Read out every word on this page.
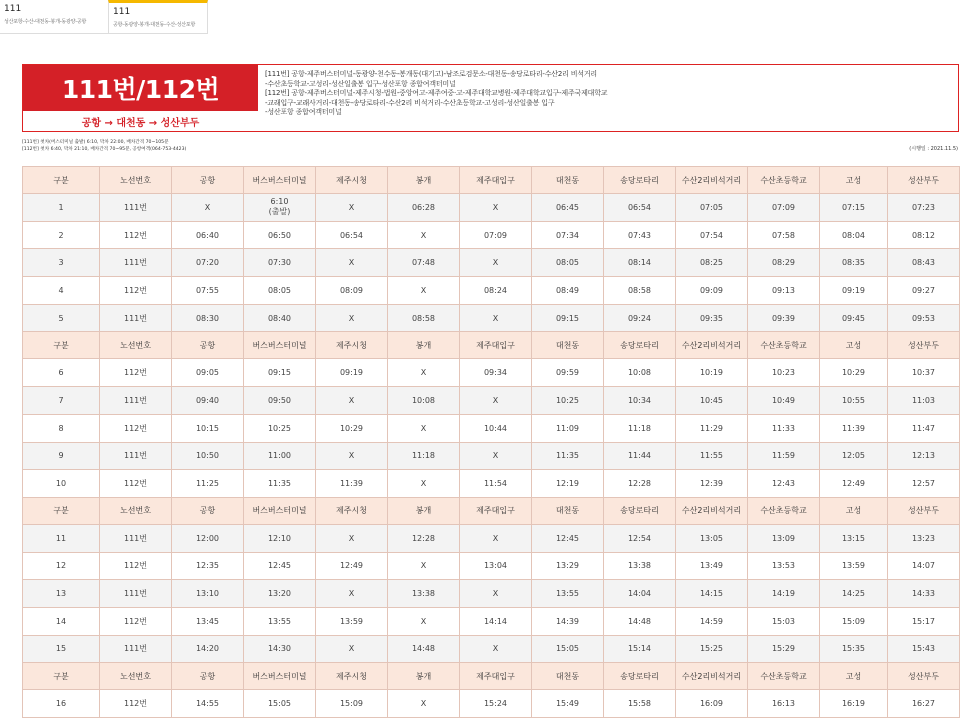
111
성산포항-수산-대천동-봉개-동광양-공항
111
공항-동광양-봉개-대천동-수산-성산포항
111번/112번
공항 → 대천동 → 성산부두
[111번] 공항-제주버스터미널-동광양-천수동-봉개동(대기고)-남조로검문소-대천동-송당로타리-수산2리 비석거리
-수산초등학교-고성리-성산일출봉 입구-성산포항 종합여객터미널
[112번] 공항-제주버스터미널-제주시청-법원-중앙여고-제주여중·고-제주대학교병원-제주대학교입구-제주국제대학교
-교래입구-교래사거리-대천동-송당로타리-수산2리 비석거리-수산초등학교-고성리-성산일출봉 입구
-성산포항 종합여객터미널
[111번] 첫차(버스터미널 출발) 6:10, 막차 22:00, 배차간격 70~105분
[112번] 첫차 6:40, 막차 21:10, 배차간격 70~95분, 공항여객(064-753-4423)	(시행일 : 2021.11.5)
구분	노선번호	공항	버스버스터미널	제주시청	봉개	제주대입구	대천동	송당로타리	수산2리비석거리	수산초등학교	고성	성산부두
1	111번	X	6:10
(출발)	X	06:28	X	06:45	06:54	07:05	07:09	07:15	07:23
2	112번	06:40	06:50	06:54	X	07:09	07:34	07:43	07:54	07:58	08:04	08:12
3	111번	07:20	07:30	X	07:48	X	08:05	08:14	08:25	08:29	08:35	08:43
4	112번	07:55	08:05	08:09	X	08:24	08:49	08:58	09:09	09:13	09:19	09:27
5	111번	08:30	08:40	X	08:58	X	09:15	09:24	09:35	09:39	09:45	09:53
구분	노선번호	공항	버스버스터미널	제주시청	봉개	제주대입구	대천동	송당로타리	수산2리비석거리	수산초등학교	고성	성산부두
6	112번	09:05	09:15	09:19	X	09:34	09:59	10:08	10:19	10:23	10:29	10:37
7	111번	09:40	09:50	X	10:08	X	10:25	10:34	10:45	10:49	10:55	11:03
8	112번	10:15	10:25	10:29	X	10:44	11:09	11:18	11:29	11:33	11:39	11:47
9	111번	10:50	11:00	X	11:18	X	11:35	11:44	11:55	11:59	12:05	12:13
10	112번	11:25	11:35	11:39	X	11:54	12:19	12:28	12:39	12:43	12:49	12:57
구분	노선번호	공항	버스버스터미널	제주시청	봉개	제주대입구	대천동	송당로타리	수산2리비석거리	수산초등학교	고성	성산부두
11	111번	12:00	12:10	X	12:28	X	12:45	12:54	13:05	13:09	13:15	13:23
12	112번	12:35	12:45	12:49	X	13:04	13:29	13:38	13:49	13:53	13:59	14:07
13	111번	13:10	13:20	X	13:38	X	13:55	14:04	14:15	14:19	14:25	14:33
14	112번	13:45	13:55	13:59	X	14:14	14:39	14:48	14:59	15:03	15:09	15:17
15	111번	14:20	14:30	X	14:48	X	15:05	15:14	15:25	15:29	15:35	15:43
구분	노선번호	공항	버스버스터미널	제주시청	봉개	제주대입구	대천동	송당로타리	수산2리비석거리	수산초등학교	고성	성산부두
16	112번	14:55	15:05	15:09	X	15:24	15:49	15:58	16:09	16:13	16:19	16:27
